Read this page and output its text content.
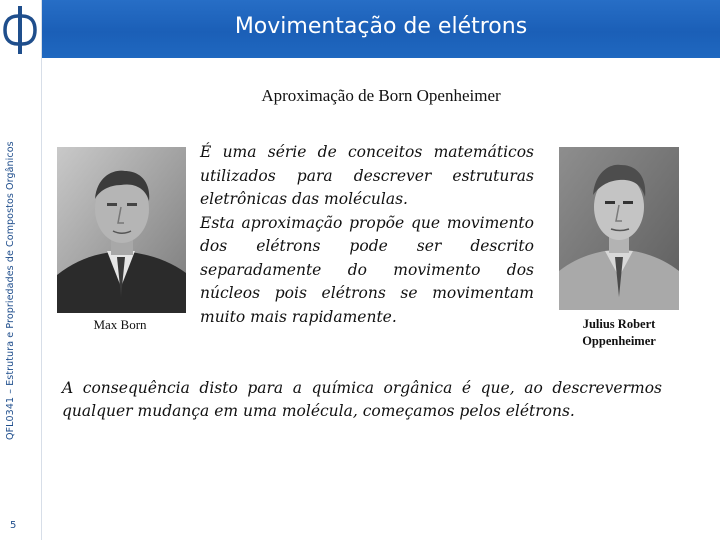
QFL0341 – Estrutura e Propriedades de Compostos Orgânicos
5
Movimentação de elétrons
Aproximação de Born Openheimer
Max Born

É uma série de conceitos matemáticos utilizados para descrever estruturas eletrônicas das moléculas.

Esta aproximação propõe que movimento dos elétrons pode ser descrito separadamente do movimento dos núcleos pois elétrons se movimentam muito mais rapidamente.	Julius Robert Oppenheimer
A consequência disto para a química orgânica é que, ao descrevermos qualquer mudança em uma molécula, começamos pelos elétrons.
